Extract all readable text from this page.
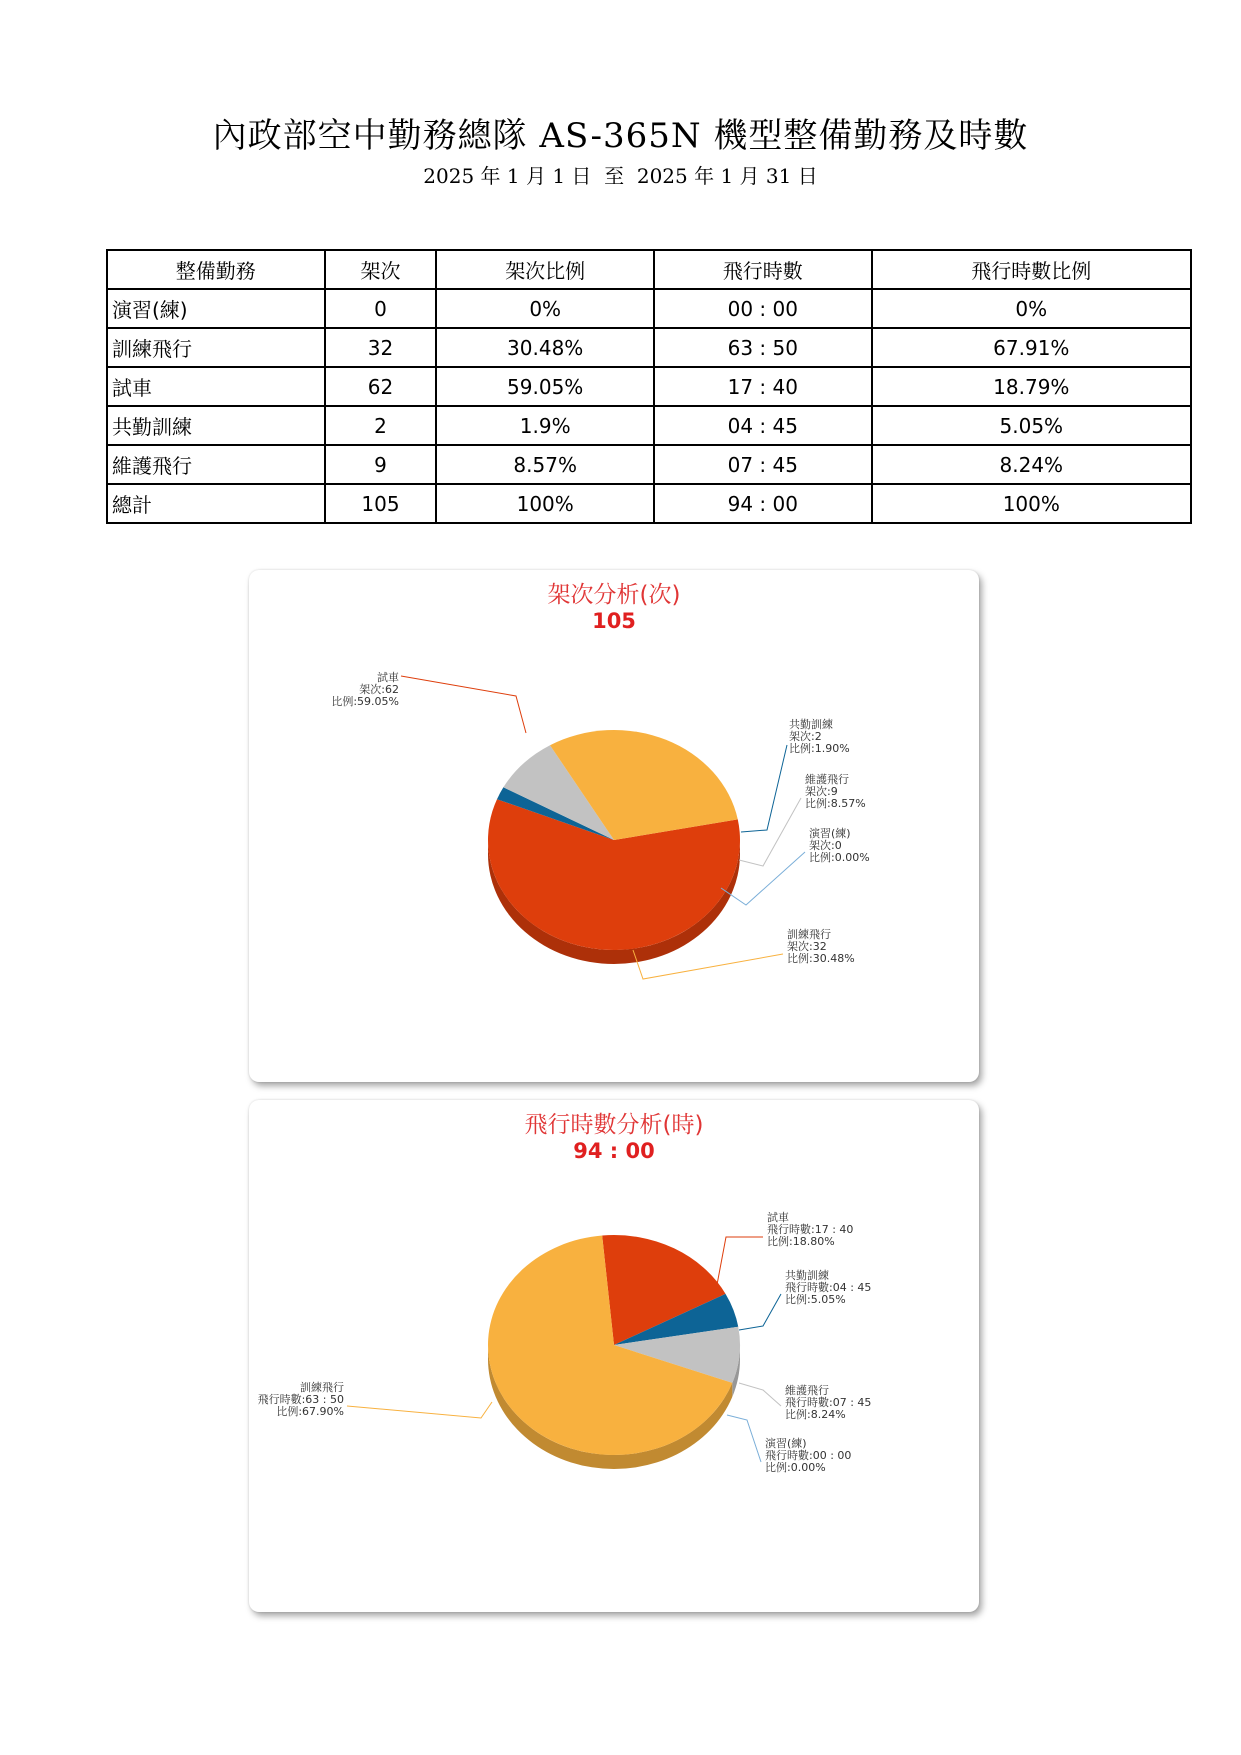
內政部空中勤務總隊 AS-365N 機型整備勤務及時數
2025 年 1 月 1 日  至  2025 年 1 月 31 日
整備勤務	架次	架次比例	飛行時數	飛行時數比例
演習(練)	0	0%	00 : 00	0%
訓練飛行	32	30.48%	63 : 50	67.91%
試車	62	59.05%	17 : 40	18.79%
共勤訓練	2	1.9%	04 : 45	5.05%
維護飛行	9	8.57%	07 : 45	8.24%
總計	105	100%	94 : 00	100%
架次分析(次)
105
試車
架次:62
比例:59.05%
共勤訓練
架次:2
比例:1.90%
維護飛行
架次:9
比例:8.57%
演習(練)
架次:0
比例:0.00%
訓練飛行
架次:32
比例:30.48%
飛行時數分析(時)
94 : 00
試車
飛行時數:17 : 40
比例:18.80%
共勤訓練
飛行時數:04 : 45
比例:5.05%
維護飛行
飛行時數:07 : 45
比例:8.24%
演習(練)
飛行時數:00 : 00
比例:0.00%
訓練飛行
飛行時數:63 : 50
比例:67.90%
